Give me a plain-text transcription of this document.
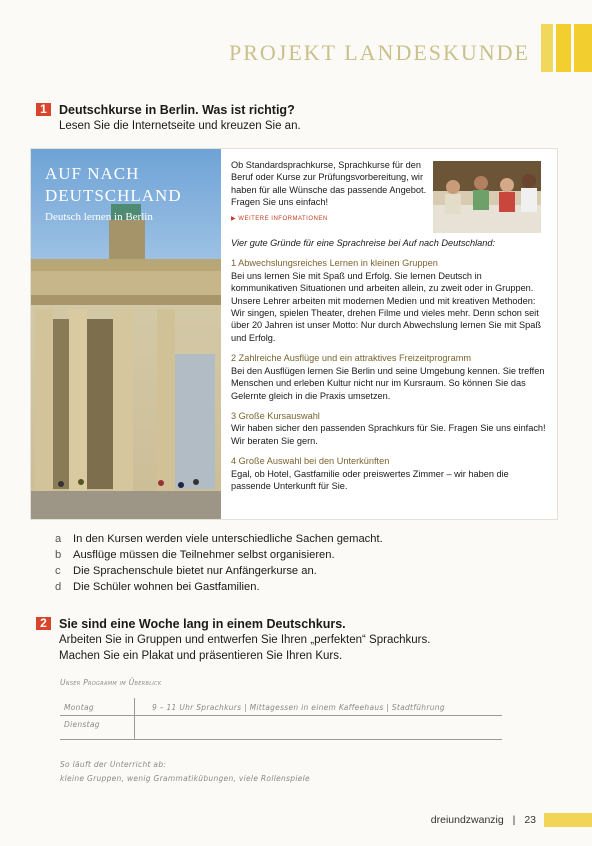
PROJEKT LANDESKUNDE
1 Deutschkurse in Berlin. Was ist richtig?
Lesen Sie die Internetseite und kreuzen Sie an.
AUF NACH
DEUTSCHLAND
Deutsch lernen in Berlin
Ob Standardsprachkurse, Sprachkurse für den Beruf oder Kurse zur Prüfungsvorbereitung, wir haben für alle Wünsche das passende Angebot. Fragen Sie uns einfach!
▶ WEITERE INFORMATIONEN
Vier gute Gründe für eine Sprachreise bei Auf nach Deutschland:
1 Abwechslungsreiches Lernen in kleinen Gruppen
Bei uns lernen Sie mit Spaß und Erfolg. Sie lernen Deutsch in kommunikativen Situationen und arbeiten allein, zu zweit oder in Gruppen. Unsere Lehrer arbeiten mit modernen Medien und mit kreativen Methoden: Wir singen, spielen Theater, drehen Filme und vieles mehr. Denn schon seit über 20 Jahren ist unser Motto: Nur durch Abwechslung lernen Sie mit Spaß und Erfolg.
2 Zahlreiche Ausflüge und ein attraktives Freizeitprogramm
Bei den Ausflügen lernen Sie Berlin und seine Umgebung kennen. Sie treffen Menschen und erleben Kultur nicht nur im Kursraum. So können Sie das Gelernte gleich in die Praxis umsetzen.
3 Große Kursauswahl
Wir haben sicher den passenden Sprachkurs für Sie. Fragen Sie uns einfach! Wir beraten Sie gern.
4 Große Auswahl bei den Unterkünften
Egal, ob Hotel, Gastfamilie oder preiswertes Zimmer – wir haben die passende Unterkunft für Sie.
a In den Kursen werden viele unterschiedliche Sachen gemacht.
b Ausflüge müssen die Teilnehmer selbst organisieren.
c Die Sprachenschule bietet nur Anfängerkurse an.
d Die Schüler wohnen bei Gastfamilien.
2 Sie sind eine Woche lang in einem Deutschkurs.
Arbeiten Sie in Gruppen und entwerfen Sie Ihren „perfekten“ Sprachkurs.
Machen Sie ein Plakat und präsentieren Sie Ihren Kurs.
Unser Programm im Überblick
Montag	9 – 11 Uhr Sprachkurs | Mittagessen in einem Kaffeehaus | Stadtführung
Dienstag
So läuft der Unterricht ab:
kleine Gruppen, wenig Grammatikübungen, viele Rollenspiele
dreiundzwanzig | 23
